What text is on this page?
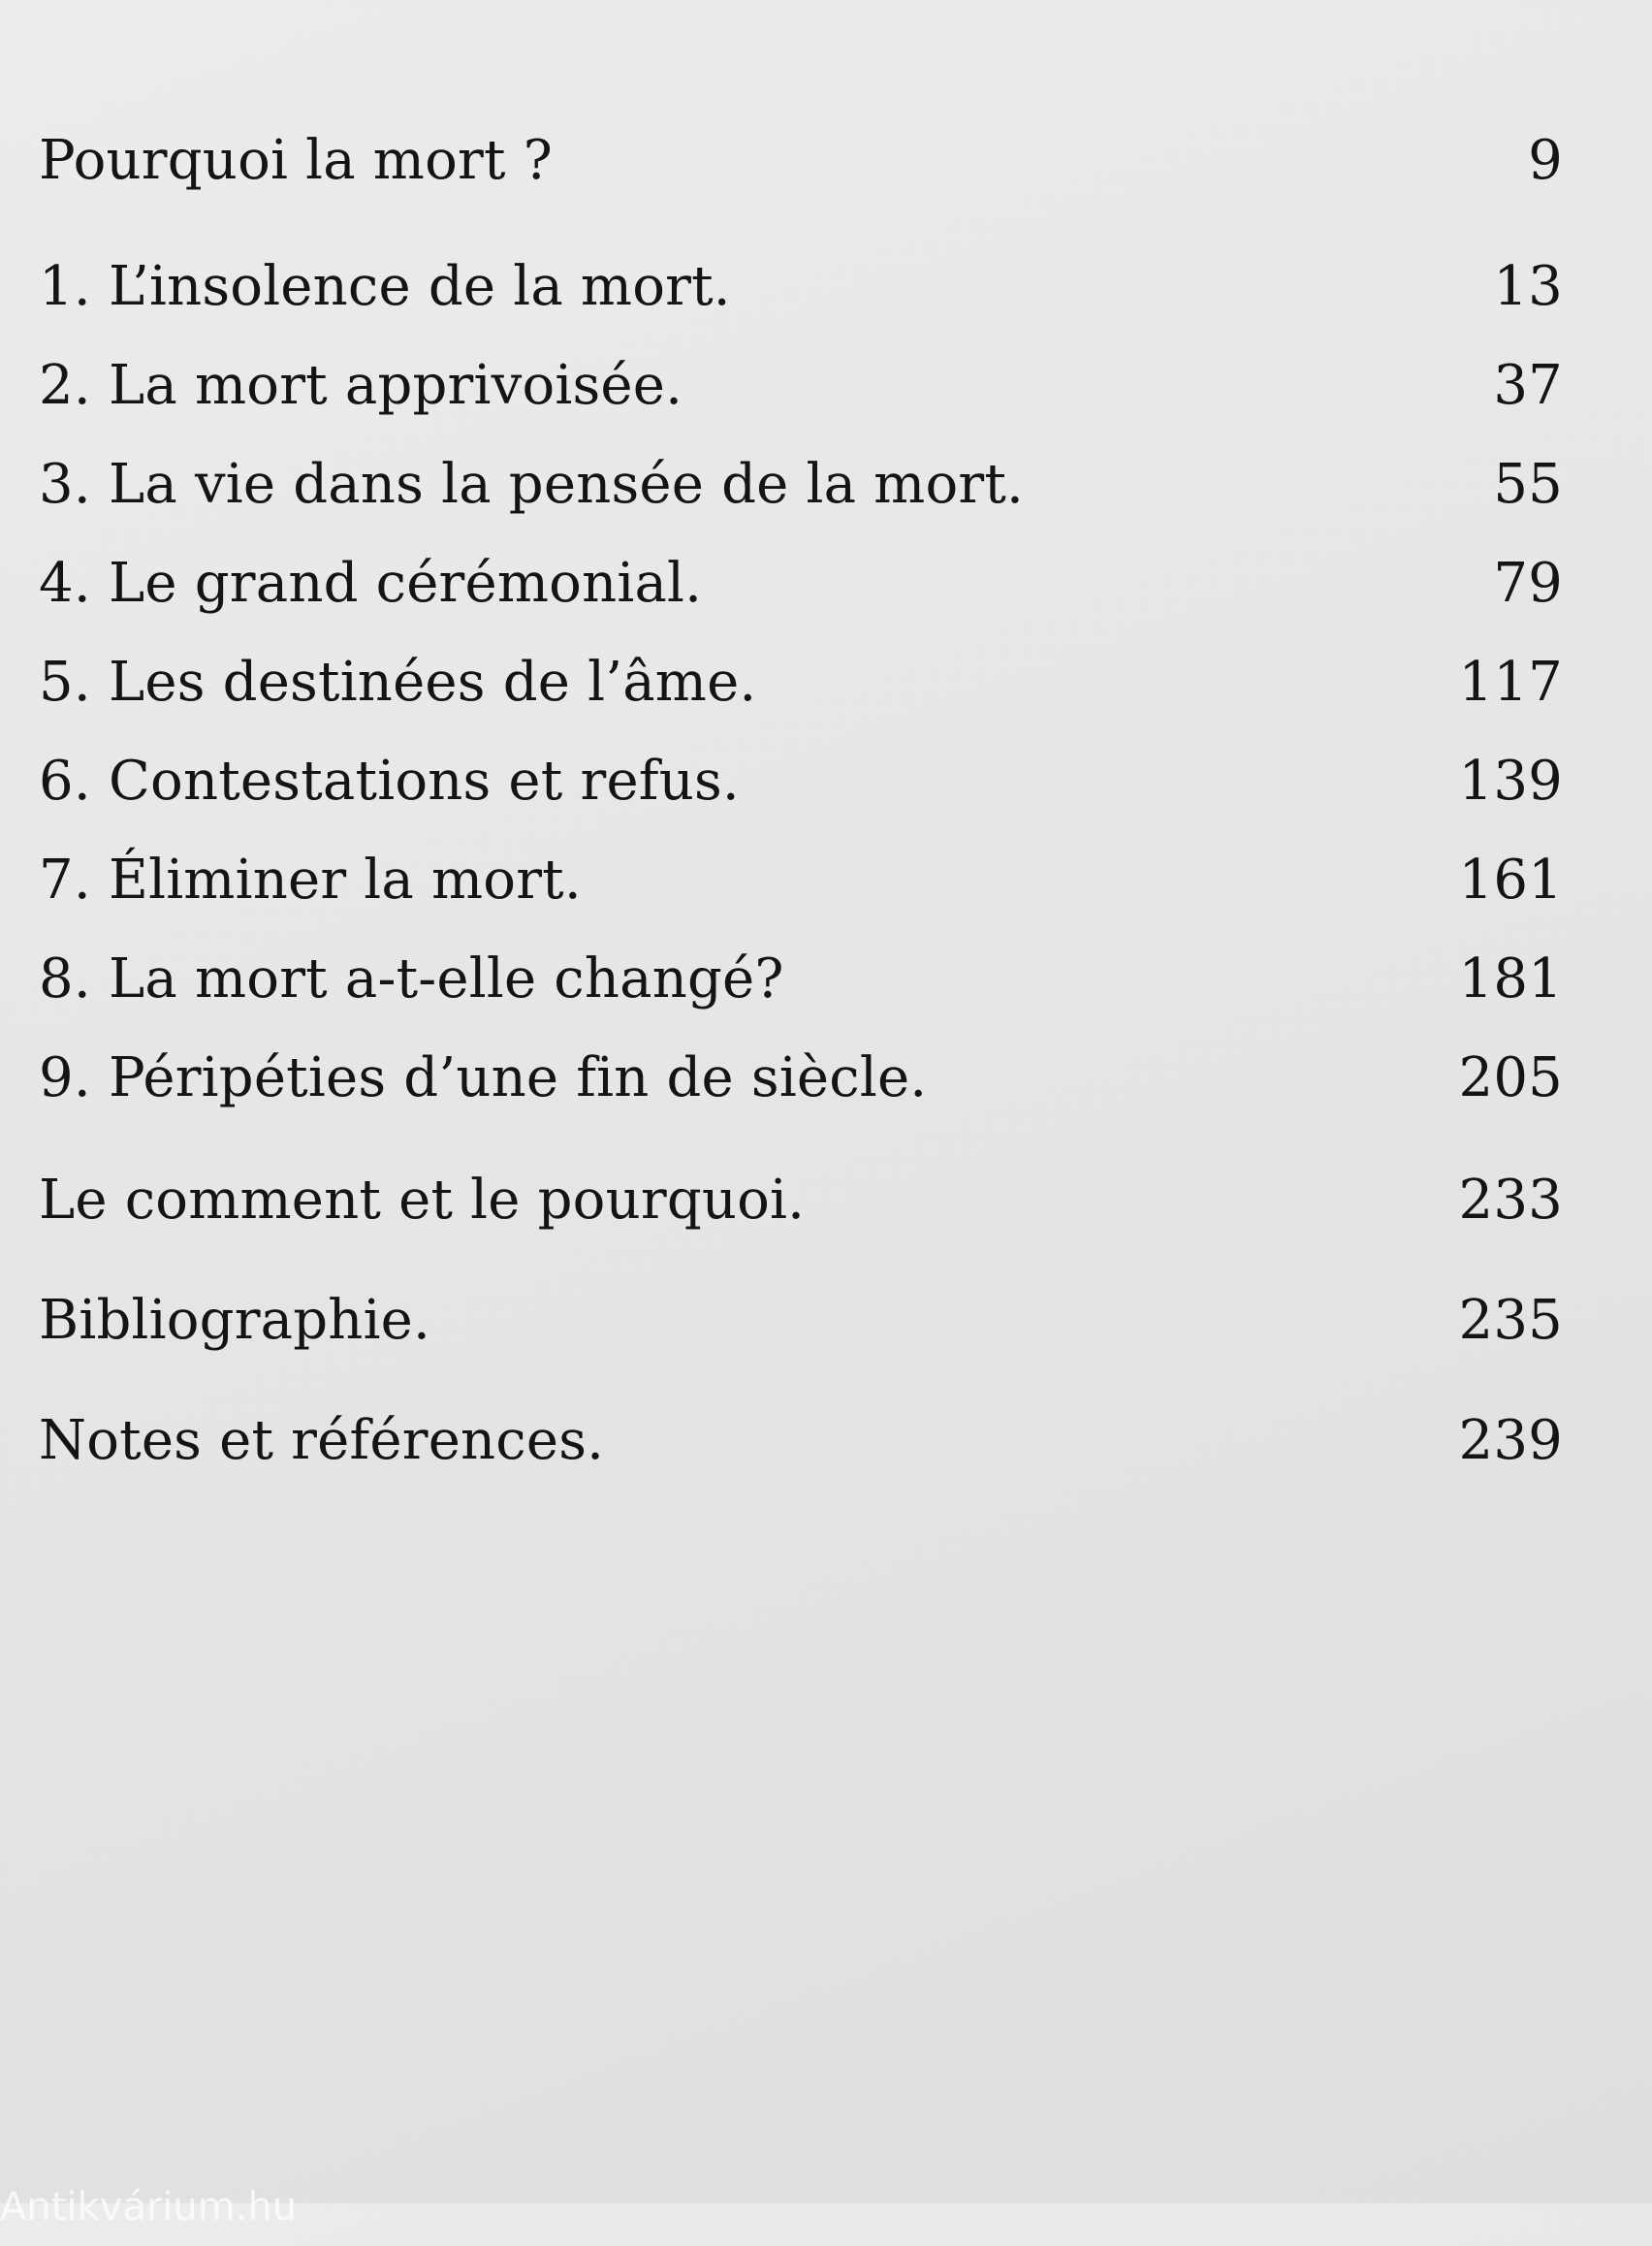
Pourquoi la mort ?	9
1. L’insolence de la mort.	13
2. La mort apprivoisée.	37
3. La vie dans la pensée de la mort.	55
4. Le grand cérémonial.	79
5. Les destinées de l’âme.	117
6. Contestations et refus.	139
7. Éliminer la mort.	161
8. La mort a-t-elle changé?	181
9. Péripéties d’une fin de siècle.	205
Le comment et le pourquoi.	233
Bibliographie.	235
Notes et références.	239
Antikvárium.hu
